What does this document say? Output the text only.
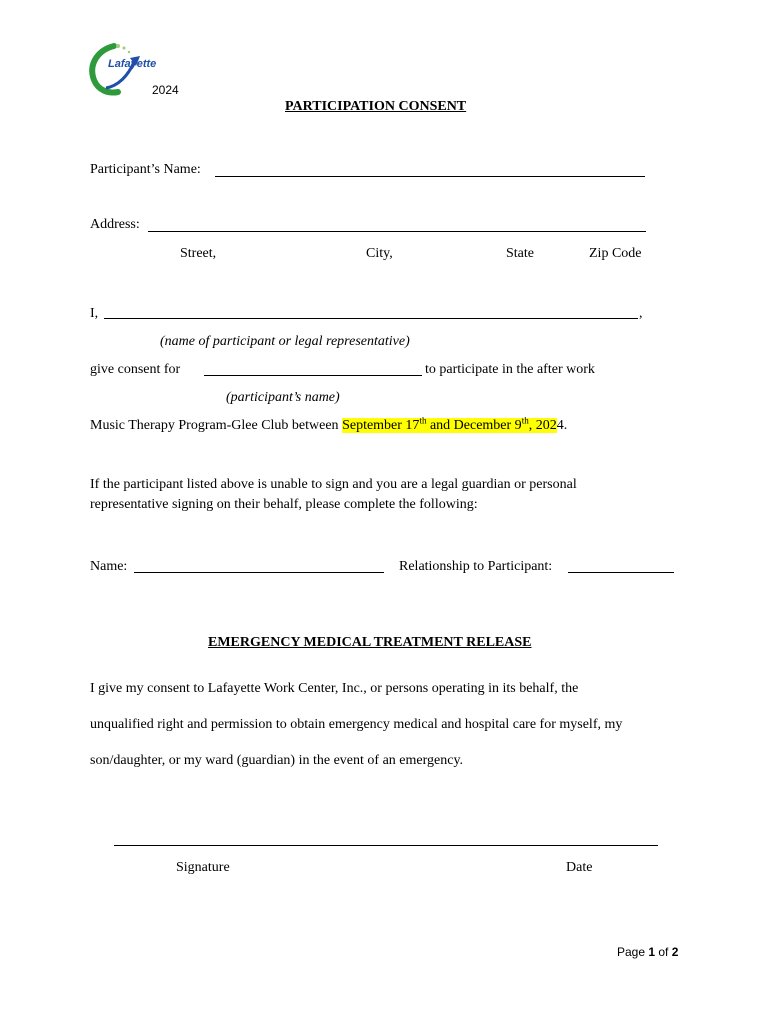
Lafayette
2024
PARTICIPATION CONSENT
Participant’s Name:
Address:
Street,	City,	State	Zip Code
I,	,
(name of participant or legal representative)
give consent for	to participate in the after work
(participant’s name)
Music Therapy Program-Glee Club between September 17th and December 9th, 2024.
If the participant listed above is unable to sign and you are a legal guardian or personal
representative signing on their behalf, please complete the following:
Name:	Relationship to Participant:
EMERGENCY MEDICAL TREATMENT RELEASE
I give my consent to Lafayette Work Center, Inc., or persons operating in its behalf, the
unqualified right and permission to obtain emergency medical and hospital care for myself, my
son/daughter, or my ward (guardian) in the event of an emergency.
Signature	Date
Page 1 of 2
